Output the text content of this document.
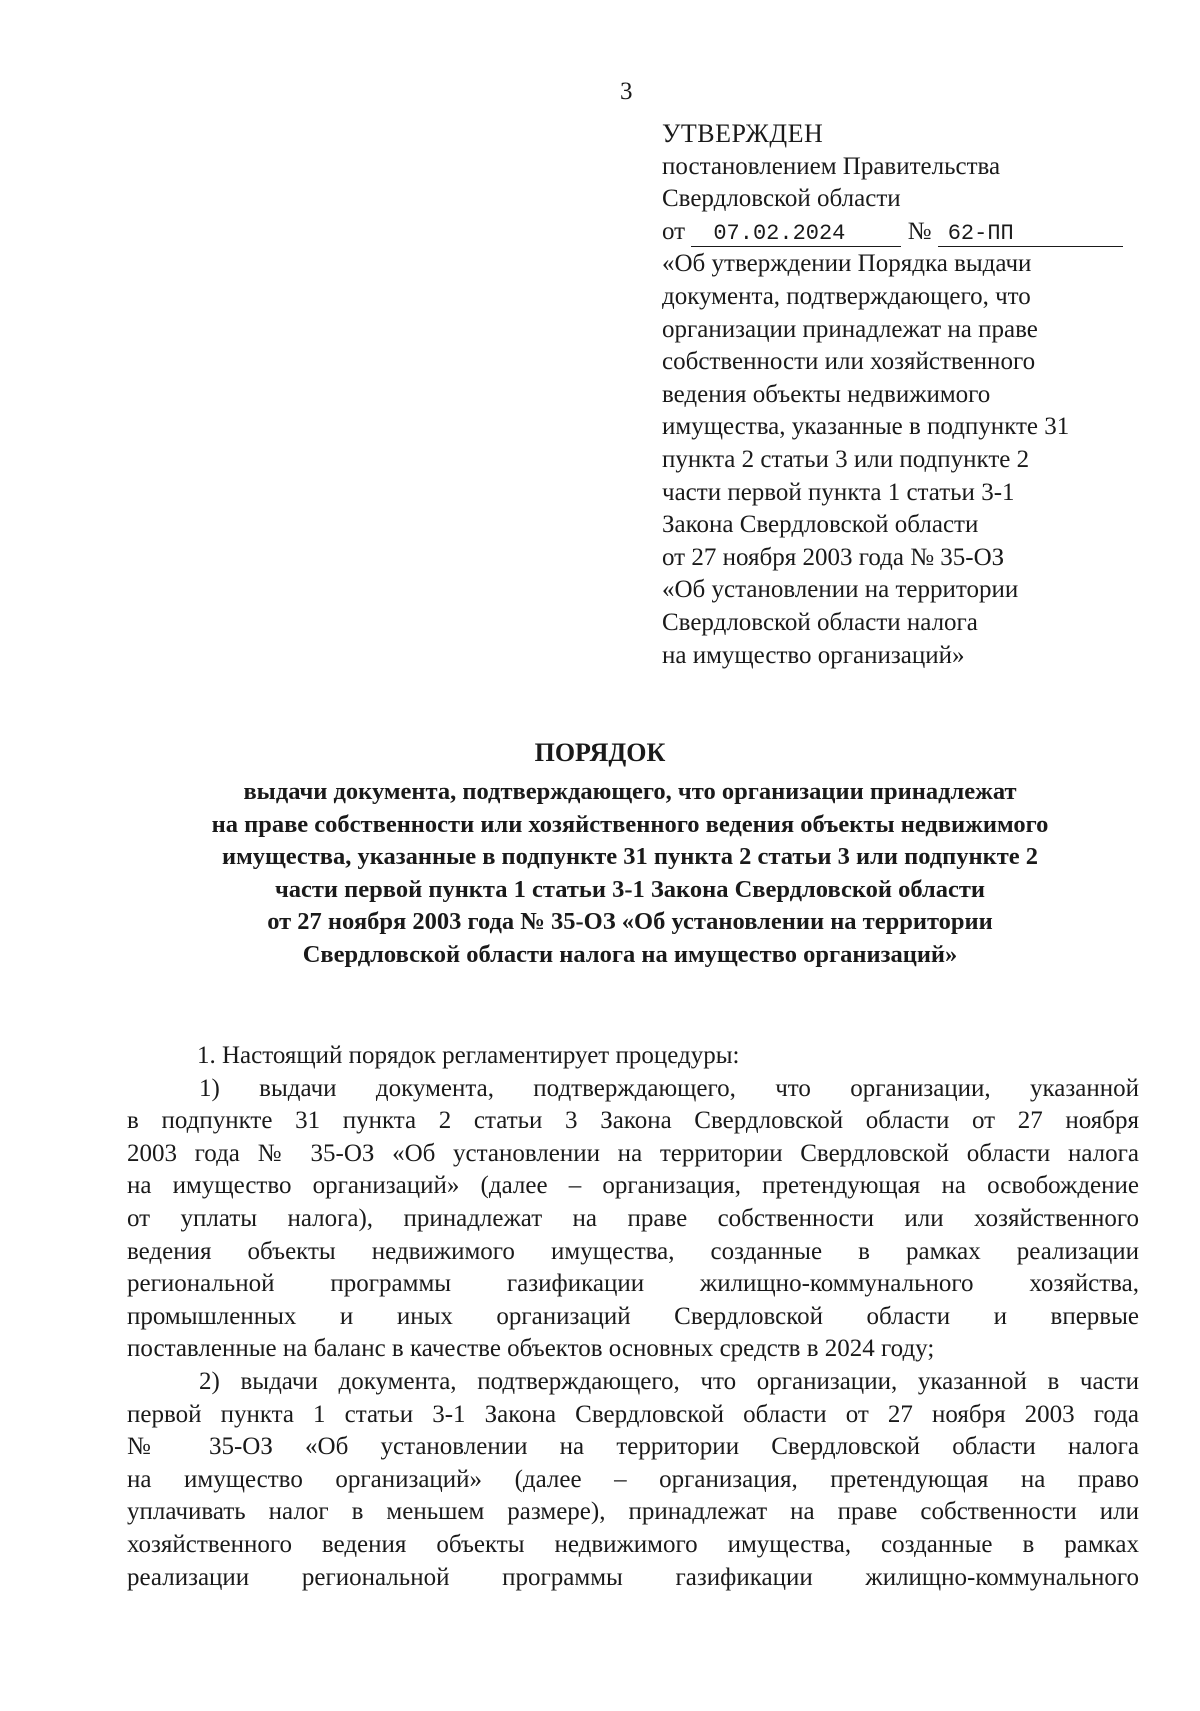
3
УТВЕРЖДЕН
постановлением Правительства
Свердловской области
от 07.02.2024 № 62-ПП
«Об утверждении Порядка выдачи
документа, подтверждающего, что
организации принадлежат на праве
собственности или хозяйственного
ведения объекты недвижимого
имущества, указанные в подпункте 31
пункта 2 статьи 3 или подпункте 2
части первой пункта 1 статьи 3-1
Закона Свердловской области
от 27 ноября 2003 года № 35-ОЗ
«Об установлении на территории
Свердловской области налога
на имущество организаций»
ПОРЯДОК
выдачи документа, подтверждающего, что организации принадлежат
на праве собственности или хозяйственного ведения объекты недвижимого
имущества, указанные в подпункте 31 пункта 2 статьи 3 или подпункте 2
части первой пункта 1 статьи 3-1 Закона Свердловской области
от 27 ноября 2003 года № 35-ОЗ «Об установлении на территории
Свердловской области налога на имущество организаций»

1. Настоящий порядок регламентирует процедуры:

1) выдачи документа, подтверждающего, что организации, указанной

в подпункте 31 пункта 2 статьи 3 Закона Свердловской области от 27 ноября

2003 года № 35-ОЗ «Об установлении на территории Свердловской области налога

на имущество организаций» (далее – организация, претендующая на освобождение

от уплаты налога), принадлежат на праве собственности или хозяйственного

ведения объекты недвижимого имущества, созданные в рамках реализации

региональной программы газификации жилищно-коммунального хозяйства,

промышленных и иных организаций Свердловской области и впервые

поставленные на баланс в качестве объектов основных средств в 2024 году;

2) выдачи документа, подтверждающего, что организации, указанной в части

первой пункта 1 статьи 3-1 Закона Свердловской области от 27 ноября 2003 года

№ 35-ОЗ «Об установлении на территории Свердловской области налога

на имущество организаций» (далее – организация, претендующая на право

уплачивать налог в меньшем размере), принадлежат на праве собственности или

хозяйственного ведения объекты недвижимого имущества, созданные в рамках

реализации региональной программы газификации жилищно-коммунального
